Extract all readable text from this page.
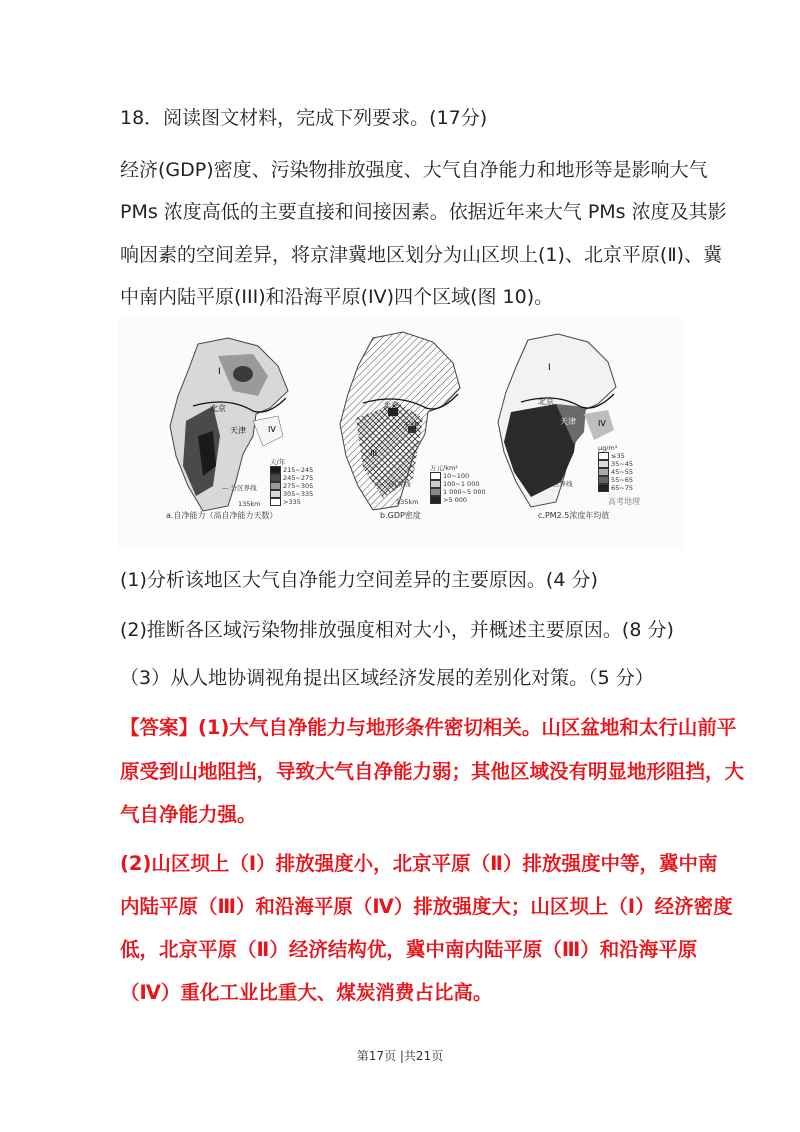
18．阅读图文材料，完成下列要求。(17分)
经济(GDP)密度、污染物排放强度、大气自净能力和地形等是影响大气
PMs 浓度高低的主要直接和间接因素。依据近年来大气 PMs 浓度及其影
响因素的空间差异，将京津冀地区划分为山区坝上(1)、北京平原(Ⅱ)、冀
中南内陆平原(III)和沿海平原(IV)四个区域(图 10)。
I
北京
天津	IV
天/年
215~245
245~275
275~305
305~335
>335
— 分区界线
135km
a.自净能力（高自净能力天数）
北京
天津
III
万元/km²
10~100
100~1 000
1 000~5 000
>5 000
— 分区界线
135km
b.GDP密度
I
北京
天津	IV
μg/m³
≤35
35~45
45~55
55~65
65~75
— 分区界线
高考地理
c.PM2.5浓度年均值
(1)分析该地区大气自净能力空间差异的主要原因。(4 分)
(2)推断各区域污染物排放强度相对大小，并概述主要原因。(8 分)
（3）从人地协调视角提出区域经济发展的差别化对策。（5 分）
【答案】(1)大气自净能力与地形条件密切相关。山区盆地和太行山前平
原受到山地阻挡，导致大气自净能力弱；其他区域没有明显地形阻挡，大
气自净能力强。
(2)山区坝上（Ⅰ）排放强度小，北京平原（Ⅱ）排放强度中等，冀中南
内陆平原（Ⅲ）和沿海平原（Ⅳ）排放强度大；山区坝上（Ⅰ）经济密度
低，北京平原（Ⅱ）经济结构优，冀中南内陆平原（Ⅲ）和沿海平原
（Ⅳ）重化工业比重大、煤炭消费占比高。
第17页 |共21页
